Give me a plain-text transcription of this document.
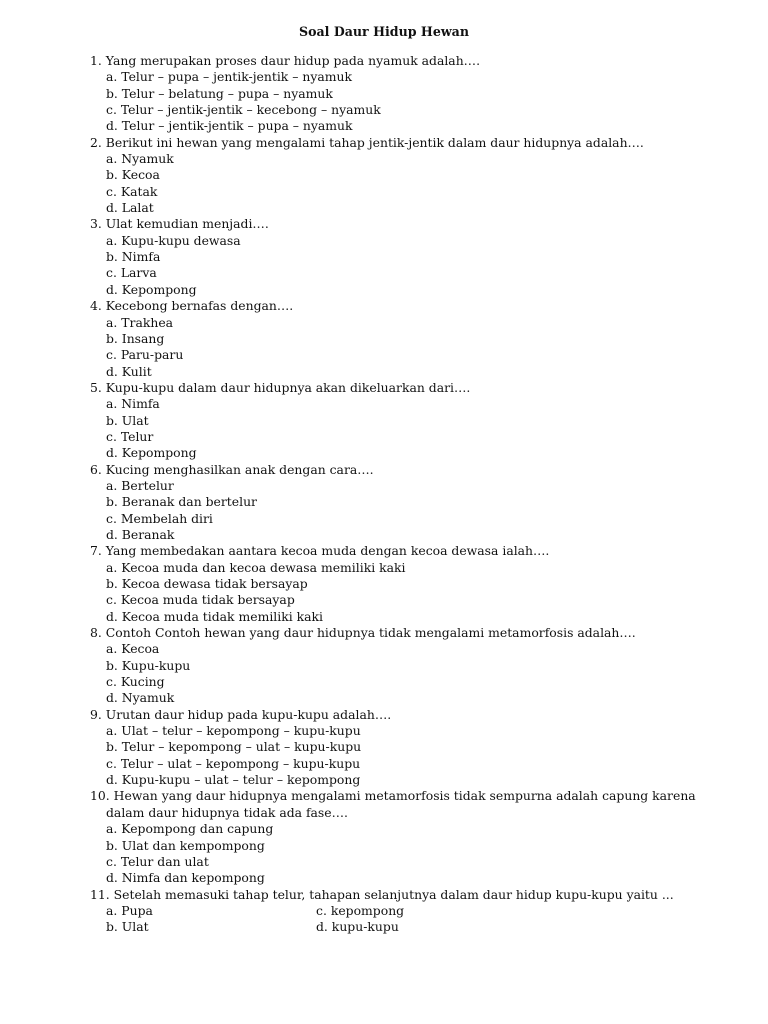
Soal Daur Hidup Hewan
1. Yang merupakan proses daur hidup pada nyamuk adalah….
a. Telur – pupa – jentik-jentik – nyamuk
b. Telur – belatung – pupa – nyamuk
c. Telur – jentik-jentik – kecebong – nyamuk
d. Telur – jentik-jentik – pupa – nyamuk
2. Berikut ini hewan yang mengalami tahap jentik-jentik dalam daur hidupnya adalah….
a. Nyamuk
b. Kecoa
c. Katak
d. Lalat
3. Ulat kemudian menjadi….
a. Kupu-kupu dewasa
b. Nimfa
c. Larva
d. Kepompong
4. Kecebong bernafas dengan….
a. Trakhea
b. Insang
c. Paru-paru
d. Kulit
5. Kupu-kupu dalam daur hidupnya akan dikeluarkan dari….
a. Nimfa
b. Ulat
c. Telur
d. Kepompong
6. Kucing menghasilkan anak dengan cara….
a. Bertelur
b. Beranak dan bertelur
c. Membelah diri
d. Beranak
7. Yang membedakan aantara kecoa muda dengan kecoa dewasa ialah….
a. Kecoa muda dan kecoa dewasa memiliki kaki
b. Kecoa dewasa tidak bersayap
c. Kecoa muda tidak bersayap
d. Kecoa muda tidak memiliki kaki
8. Contoh Contoh hewan yang daur hidupnya tidak mengalami metamorfosis adalah….
a. Kecoa
b. Kupu-kupu
c. Kucing
d. Nyamuk
9. Urutan daur hidup pada kupu-kupu adalah….
a. Ulat – telur – kepompong – kupu-kupu
b. Telur – kepompong – ulat – kupu-kupu
c. Telur – ulat – kepompong – kupu-kupu
d. Kupu-kupu – ulat – telur – kepompong
10. Hewan yang daur hidupnya mengalami metamorfosis tidak sempurna adalah capung karena
dalam daur hidupnya tidak ada fase….
a. Kepompong dan capung
b. Ulat dan kempompong
c. Telur dan ulat
d. Nimfa dan kepompong
11. Setelah memasuki tahap telur, tahapan selanjutnya dalam daur hidup kupu-kupu yaitu ...
a. Pupa	c. kepompong
b. Ulat	d. kupu-kupu
